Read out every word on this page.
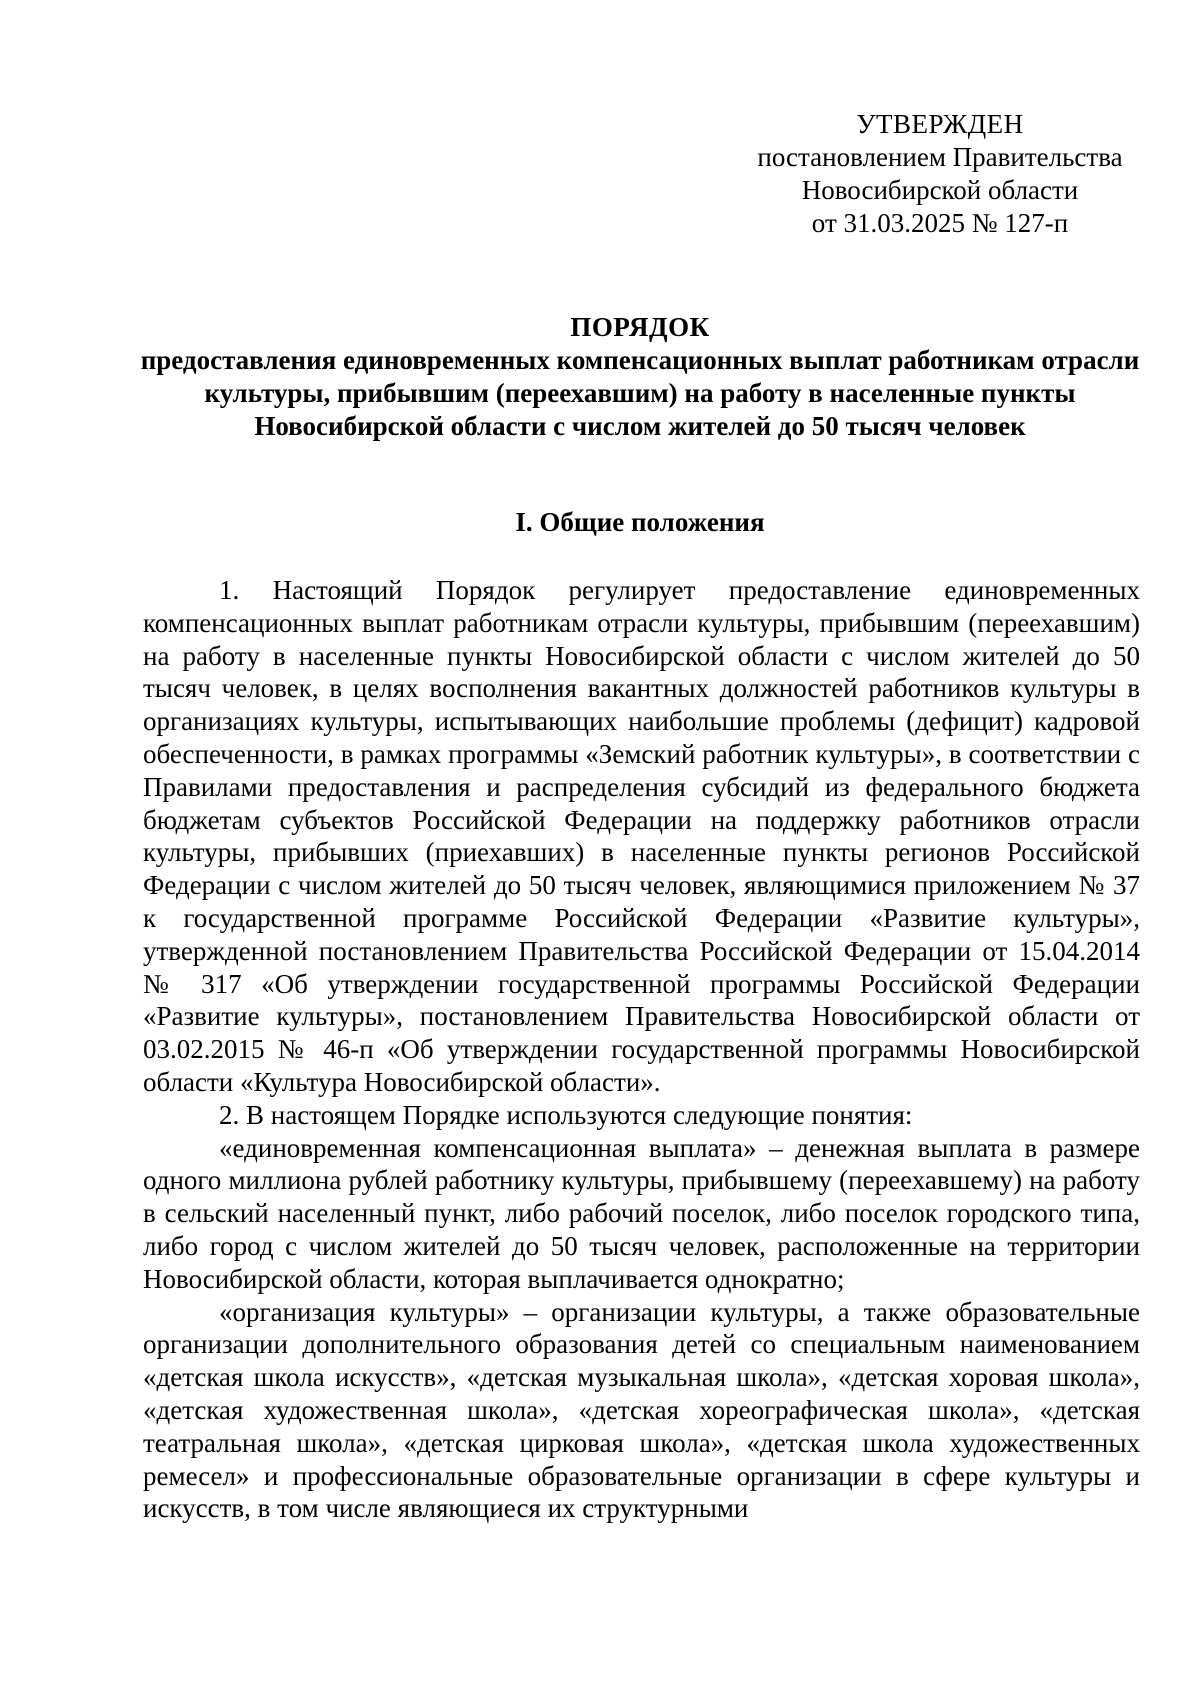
УТВЕРЖДЕН
постановлением Правительства
Новосибирской области
от 31.03.2025 № 127-п
ПОРЯДОК
предоставления единовременных компенсационных выплат работникам отрасли культуры, прибывшим (переехавшим) на работу в населенные пункты Новосибирской области с числом жителей до 50 тысяч человек
I. Общие положения

1. Настоящий Порядок регулирует предоставление единовременных компенсационных выплат работникам отрасли культуры, прибывшим (переехавшим) на работу в населенные пункты Новосибирской области с числом жителей до 50 тысяч человек, в целях восполнения вакантных должностей работников культуры в организациях культуры, испытывающих наибольшие проблемы (дефицит) кадровой обеспеченности, в рамках программы «Земский работник культуры», в соответствии с Правилами предоставления и распределения субсидий из федерального бюджета бюджетам субъектов Российской Федерации на поддержку работников отрасли культуры, прибывших (приехавших) в населенные пункты регионов Российской Федерации с числом жителей до 50 тысяч человек, являющимися приложением № 37 к государственной программе Российской Федерации «Развитие культуры», утвержденной постановлением Правительства Российской Федерации от 15.04.2014 № 317 «Об утверждении государственной программы Российской Федерации «Развитие культуры», постановлением Правительства Новосибирской области от 03.02.2015 № 46-п «Об утверждении государственной программы Новосибирской области «Культура Новосибирской области».

2. В настоящем Порядке используются следующие понятия:

«единовременная компенсационная выплата» – денежная выплата в размере одного миллиона рублей работнику культуры, прибывшему (переехавшему) на работу в сельский населенный пункт, либо рабочий поселок, либо поселок городского типа, либо город с числом жителей до 50 тысяч человек, расположенные на территории Новосибирской области, которая выплачивается однократно;

«организация культуры» – организации культуры, а также образовательные организации дополнительного образования детей со специальным наименованием «детская школа искусств», «детская музыкальная школа», «детская хоровая школа», «детская художественная школа», «детская хореографическая школа», «детская театральная школа», «детская цирковая школа», «детская школа художественных ремесел» и профессиональные образовательные организации в сфере культуры и искусств, в том числе являющиеся их структурными
